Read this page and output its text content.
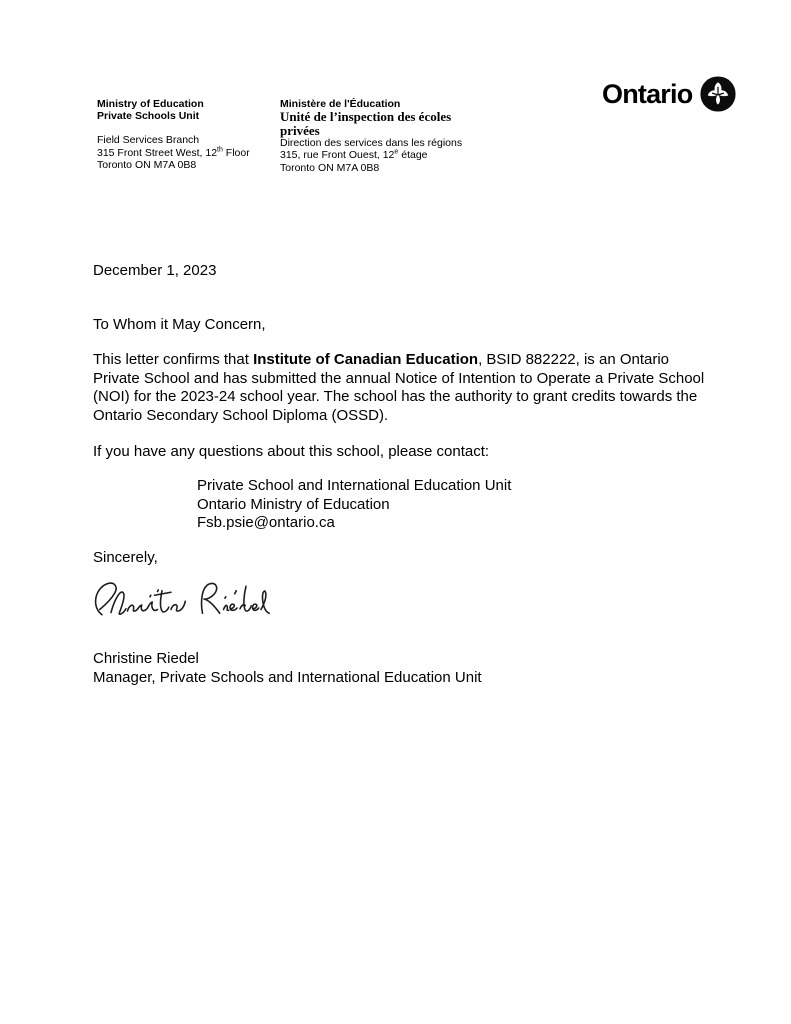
Ministry of Education
Private Schools Unit
Field Services Branch
315 Front Street West, 12th Floor
Toronto ON M7A 0B8
Ministère de l'Éducation
Unité de l’inspection des écoles privées
Direction des services dans les régions
315, rue Front Ouest, 12e étage
Toronto ON M7A 0B8
Ontario
December 1, 2023
To Whom it May Concern,
This letter confirms that Institute of Canadian Education, BSID 882222, is an Ontario Private School and has submitted the annual Notice of Intention to Operate a Private School (NOI) for the 2023-24 school year. The school has the authority to grant credits towards the Ontario Secondary School Diploma (OSSD).
If you have any questions about this school, please contact:
Private School and International Education Unit
Ontario Ministry of Education
Fsb.psie@ontario.ca
Sincerely,
Christine Riedel
Manager, Private Schools and International Education Unit
